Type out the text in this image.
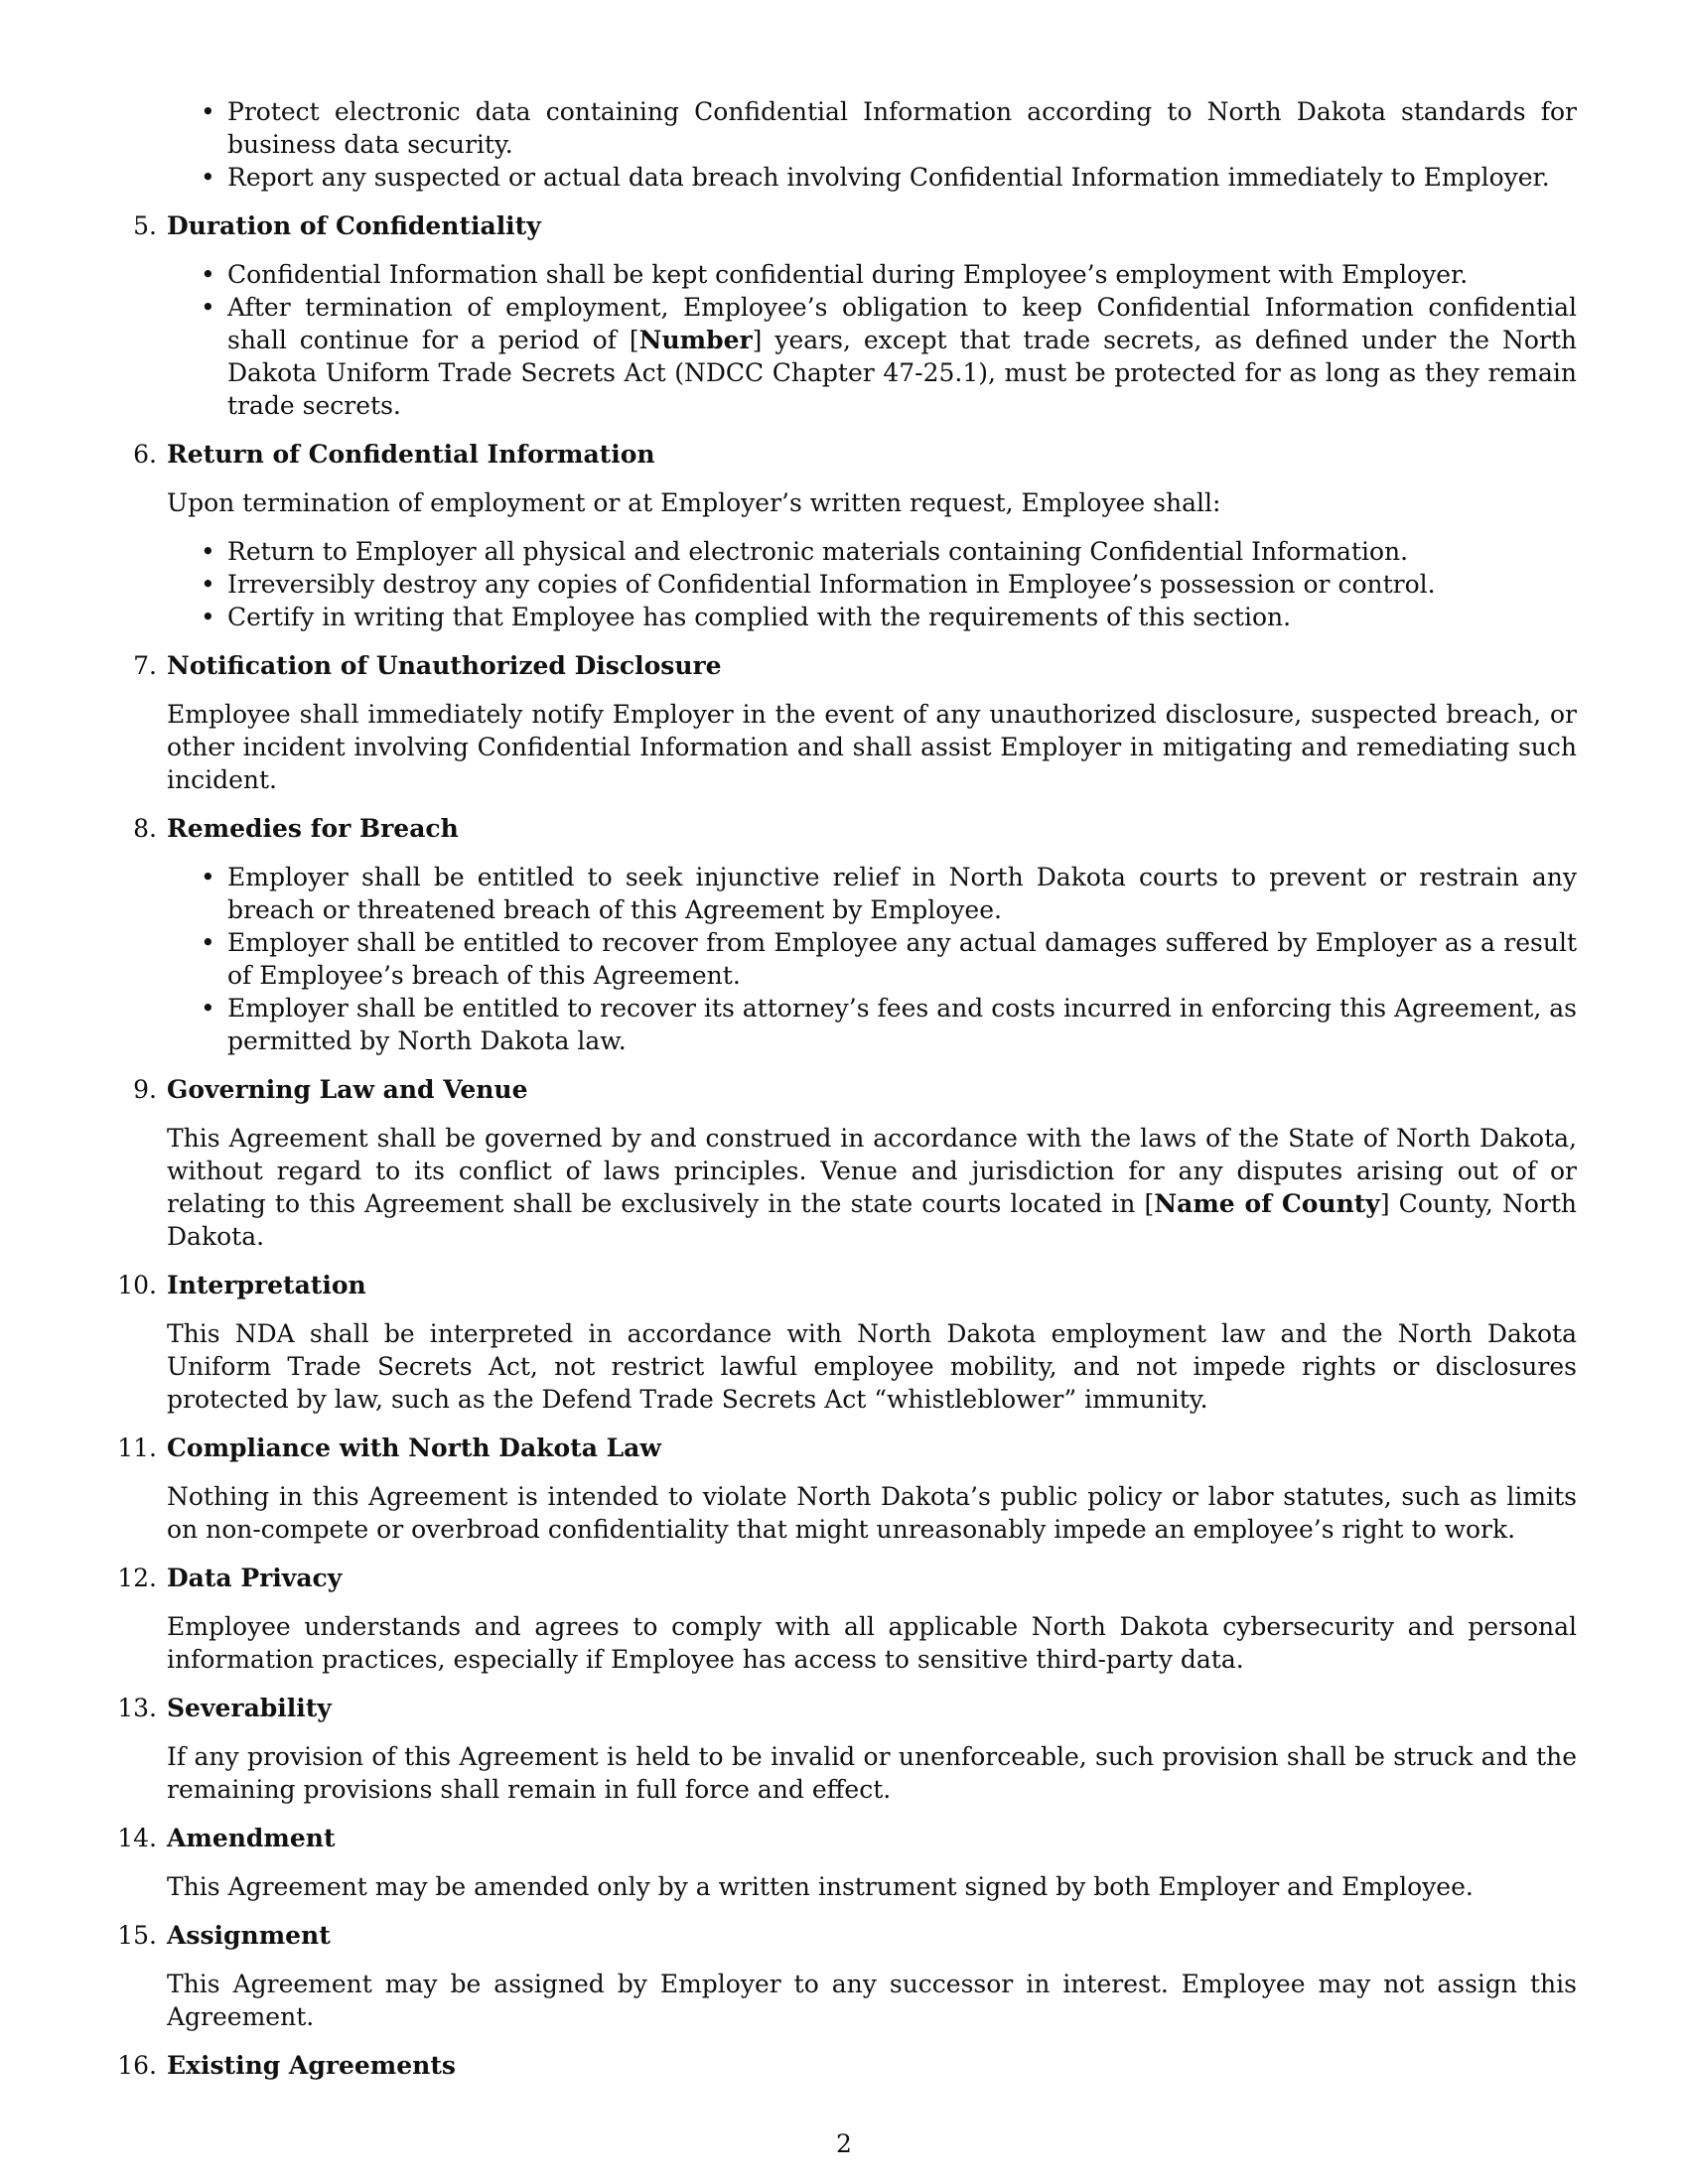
• Protect electronic data containing Confidential Information according to North Dakota standards for business data security.
• Report any suspected or actual data breach involving Confidential Information immediately to Employer.
5. Duration of Confidentiality

• Confidential Information shall be kept confidential during Employee’s employment with Employer.
• After termination of employment, Employee’s obligation to keep Confidential Information confidential shall continue for a period of [Number] years, except that trade secrets, as defined under the North Dakota Uniform Trade Secrets Act (NDCC Chapter 47-25.1), must be protected for as long as they remain trade secrets.
6. Return of Confidential Information

Upon termination of employment or at Employer’s written request, Employee shall:

• Return to Employer all physical and electronic materials containing Confidential Information.
• Irreversibly destroy any copies of Confidential Information in Employee’s possession or control.
• Certify in writing that Employee has complied with the requirements of this section.
7. Notification of Unauthorized Disclosure

Employee shall immediately notify Employer in the event of any unauthorized disclosure, suspected breach, or other incident involving Confidential Information and shall assist Employer in mitigating and remediating such incident.

8. Remedies for Breach

• Employer shall be entitled to seek injunctive relief in North Dakota courts to prevent or restrain any breach or threatened breach of this Agreement by Employee.
• Employer shall be entitled to recover from Employee any actual damages suffered by Employer as a result of Employee’s breach of this Agreement.
• Employer shall be entitled to recover its attorney’s fees and costs incurred in enforcing this Agreement, as permitted by North Dakota law.
9. Governing Law and Venue

This Agreement shall be governed by and construed in accordance with the laws of the State of North Dakota, without regard to its conflict of laws principles. Venue and jurisdiction for any disputes arising out of or relating to this Agreement shall be exclusively in the state courts located in [Name of County] County, North Dakota.

10. Interpretation

This NDA shall be interpreted in accordance with North Dakota employment law and the North Dakota Uniform Trade Secrets Act, not restrict lawful employee mobility, and not impede rights or disclosures protected by law, such as the Defend Trade Secrets Act “whistleblower” immunity.

11. Compliance with North Dakota Law

Nothing in this Agreement is intended to violate North Dakota’s public policy or labor statutes, such as limits on non-compete or overbroad confidentiality that might unreasonably impede an employee’s right to work.

12. Data Privacy

Employee understands and agrees to comply with all applicable North Dakota cybersecurity and personal information practices, especially if Employee has access to sensitive third-party data.

13. Severability

If any provision of this Agreement is held to be invalid or unenforceable, such provision shall be struck and the remaining provisions shall remain in full force and effect.

14. Amendment

This Agreement may be amended only by a written instrument signed by both Employer and Employee.

15. Assignment

This Agreement may be assigned by Employer to any successor in interest. Employee may not assign this Agreement.

16. Existing Agreements

2
